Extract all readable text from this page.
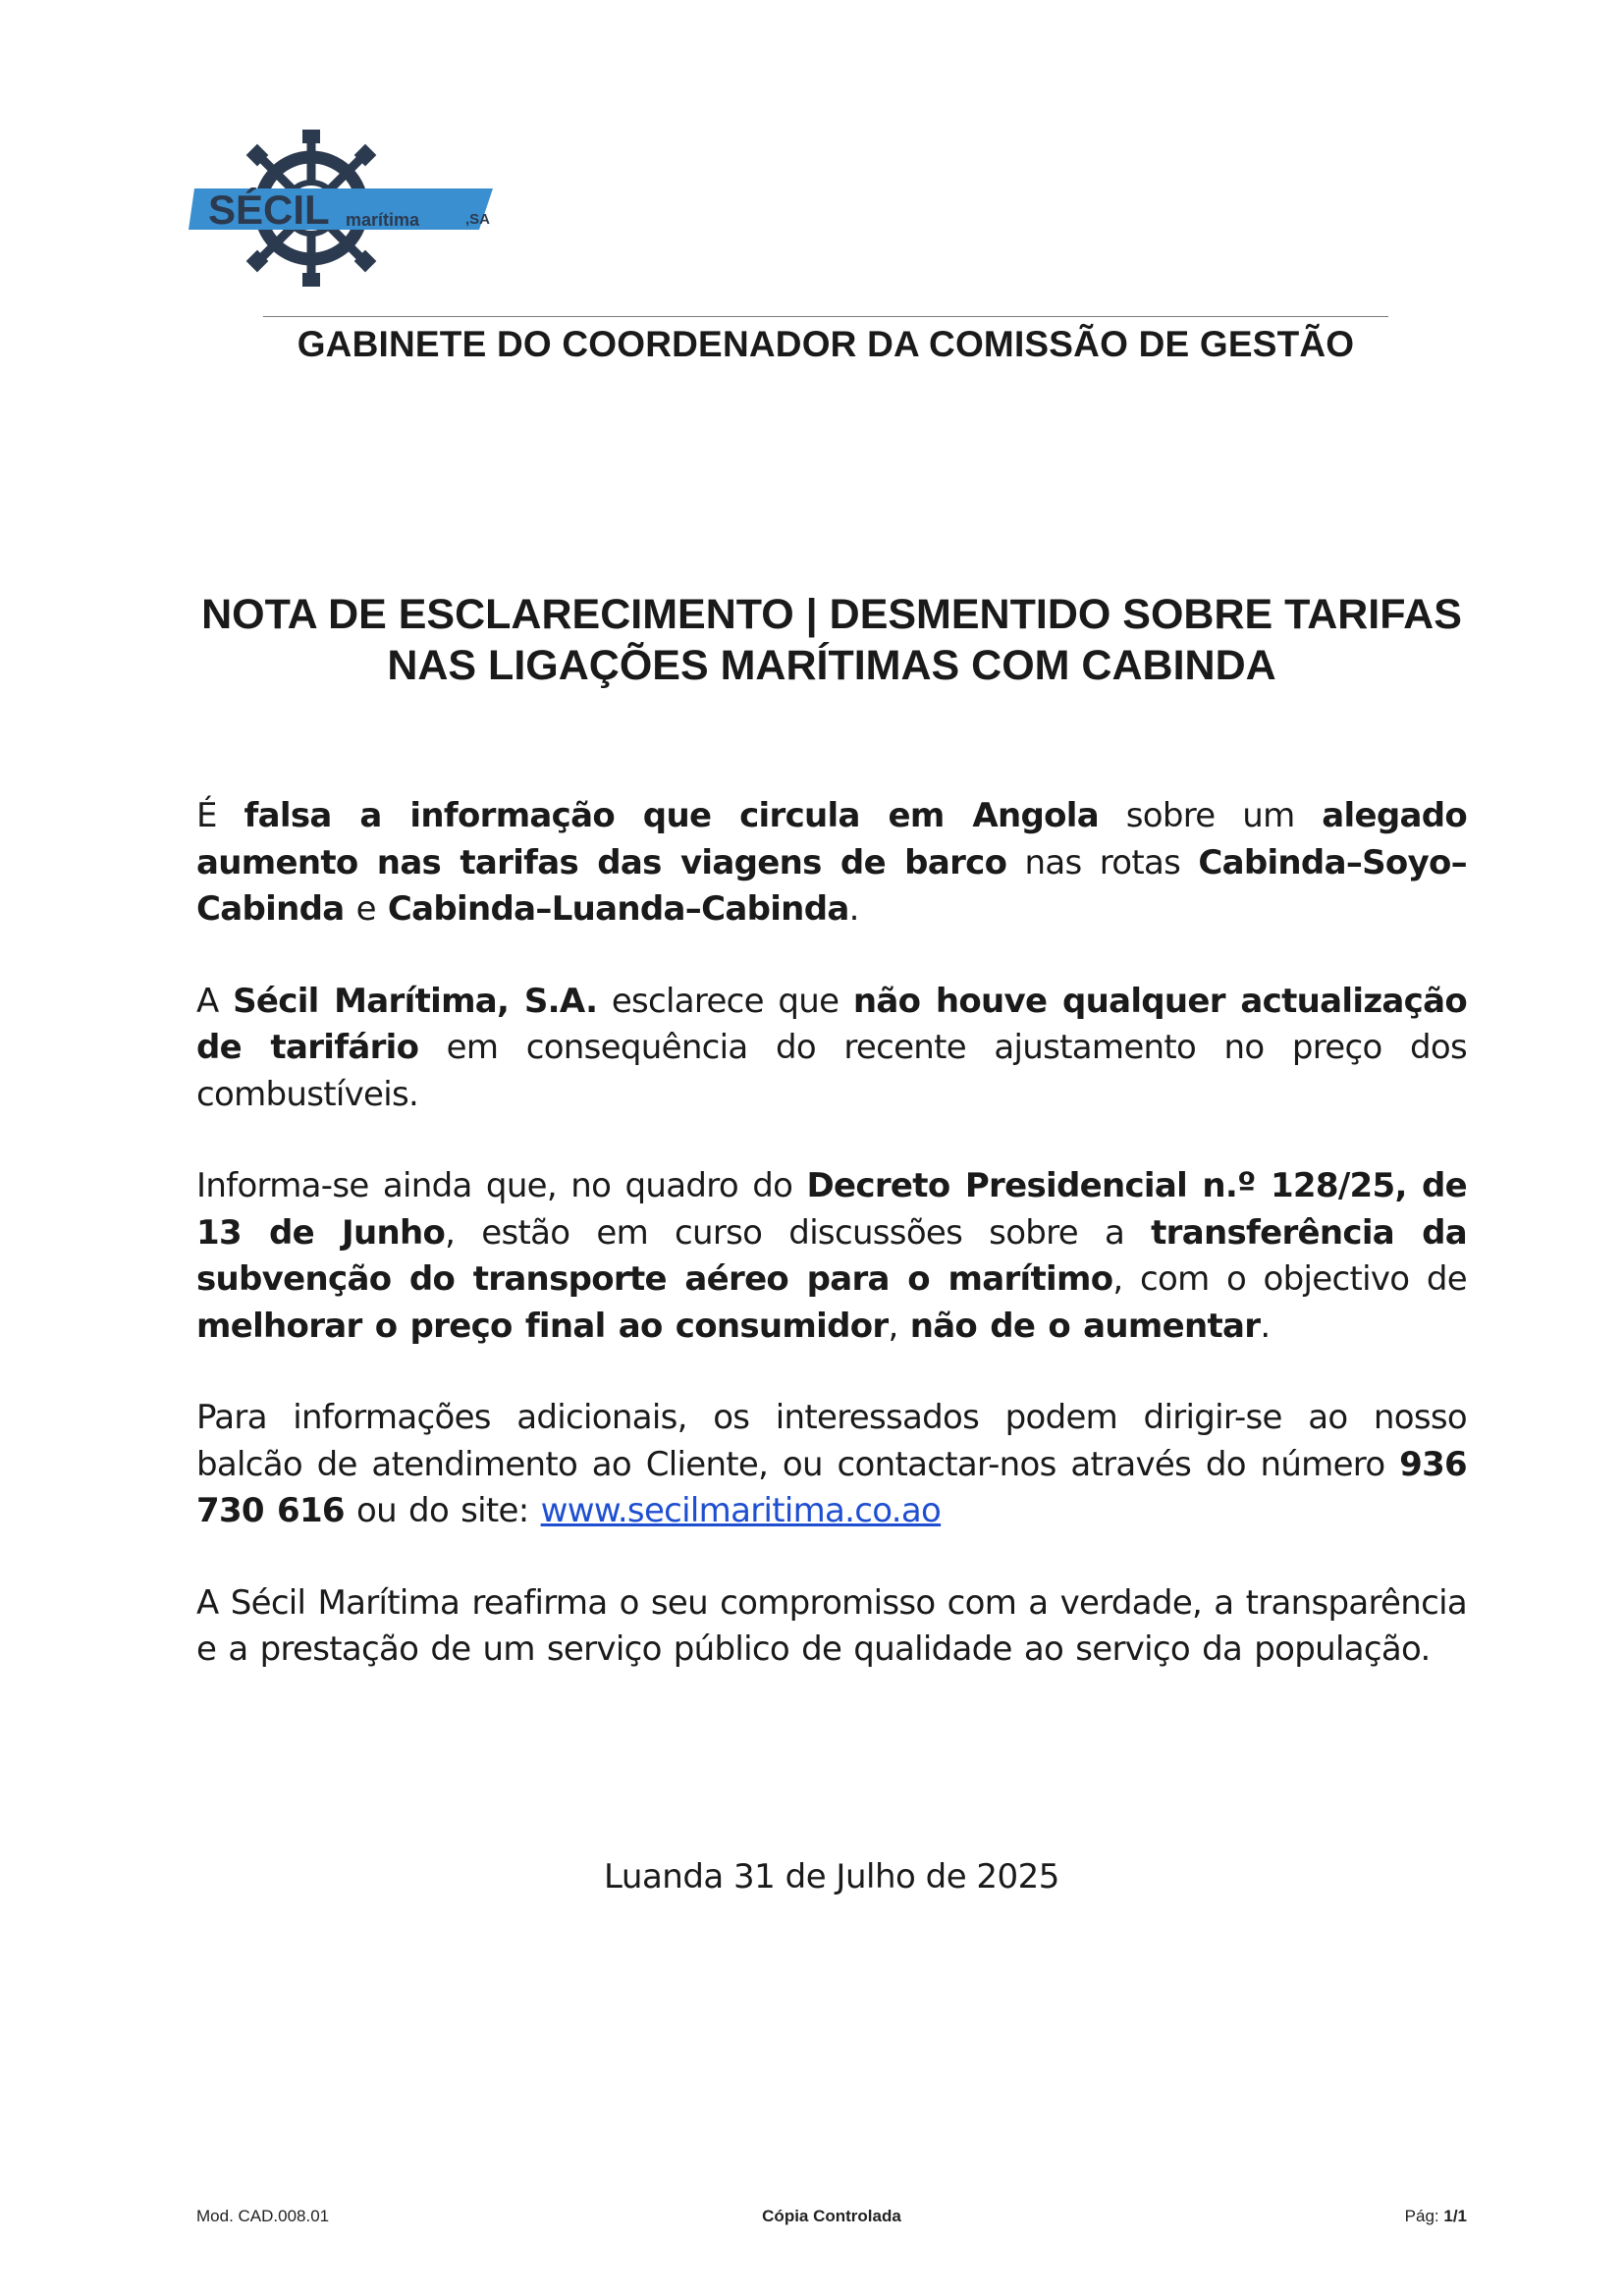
SÉCIL marítima	,SA
GABINETE DO COORDENADOR DA COMISSÃO DE GESTÃO
NOTA DE ESCLARECIMENTO | DESMENTIDO SOBRE TARIFAS
NAS LIGAÇÕES MARÍTIMAS COM CABINDA

É falsa a informação que circula em Angola sobre um alegado aumento nas tarifas das viagens de barco nas rotas Cabinda–Soyo–Cabinda e Cabinda–Luanda–Cabinda.

A Sécil Marítima, S.A. esclarece que não houve qualquer actualização de tarifário em consequência do recente ajustamento no preço dos combustíveis.

Informa-se ainda que, no quadro do Decreto Presidencial n.º 128/25, de 13 de Junho, estão em curso discussões sobre a transferência da subvenção do transporte aéreo para o marítimo, com o objectivo de melhorar o preço final ao consumidor, não de o aumentar.

Para informações adicionais, os interessados podem dirigir-se ao nosso balcão de atendimento ao Cliente, ou contactar-nos através do número 936 730 616 ou do site: www.secilmaritima.co.ao

A Sécil Marítima reafirma o seu compromisso com a verdade, a transparência e a prestação de um serviço público de qualidade ao serviço da população.

Luanda 31 de Julho de 2025
Mod. CAD.008.01	Cópia Controlada	Pág: 1/1
